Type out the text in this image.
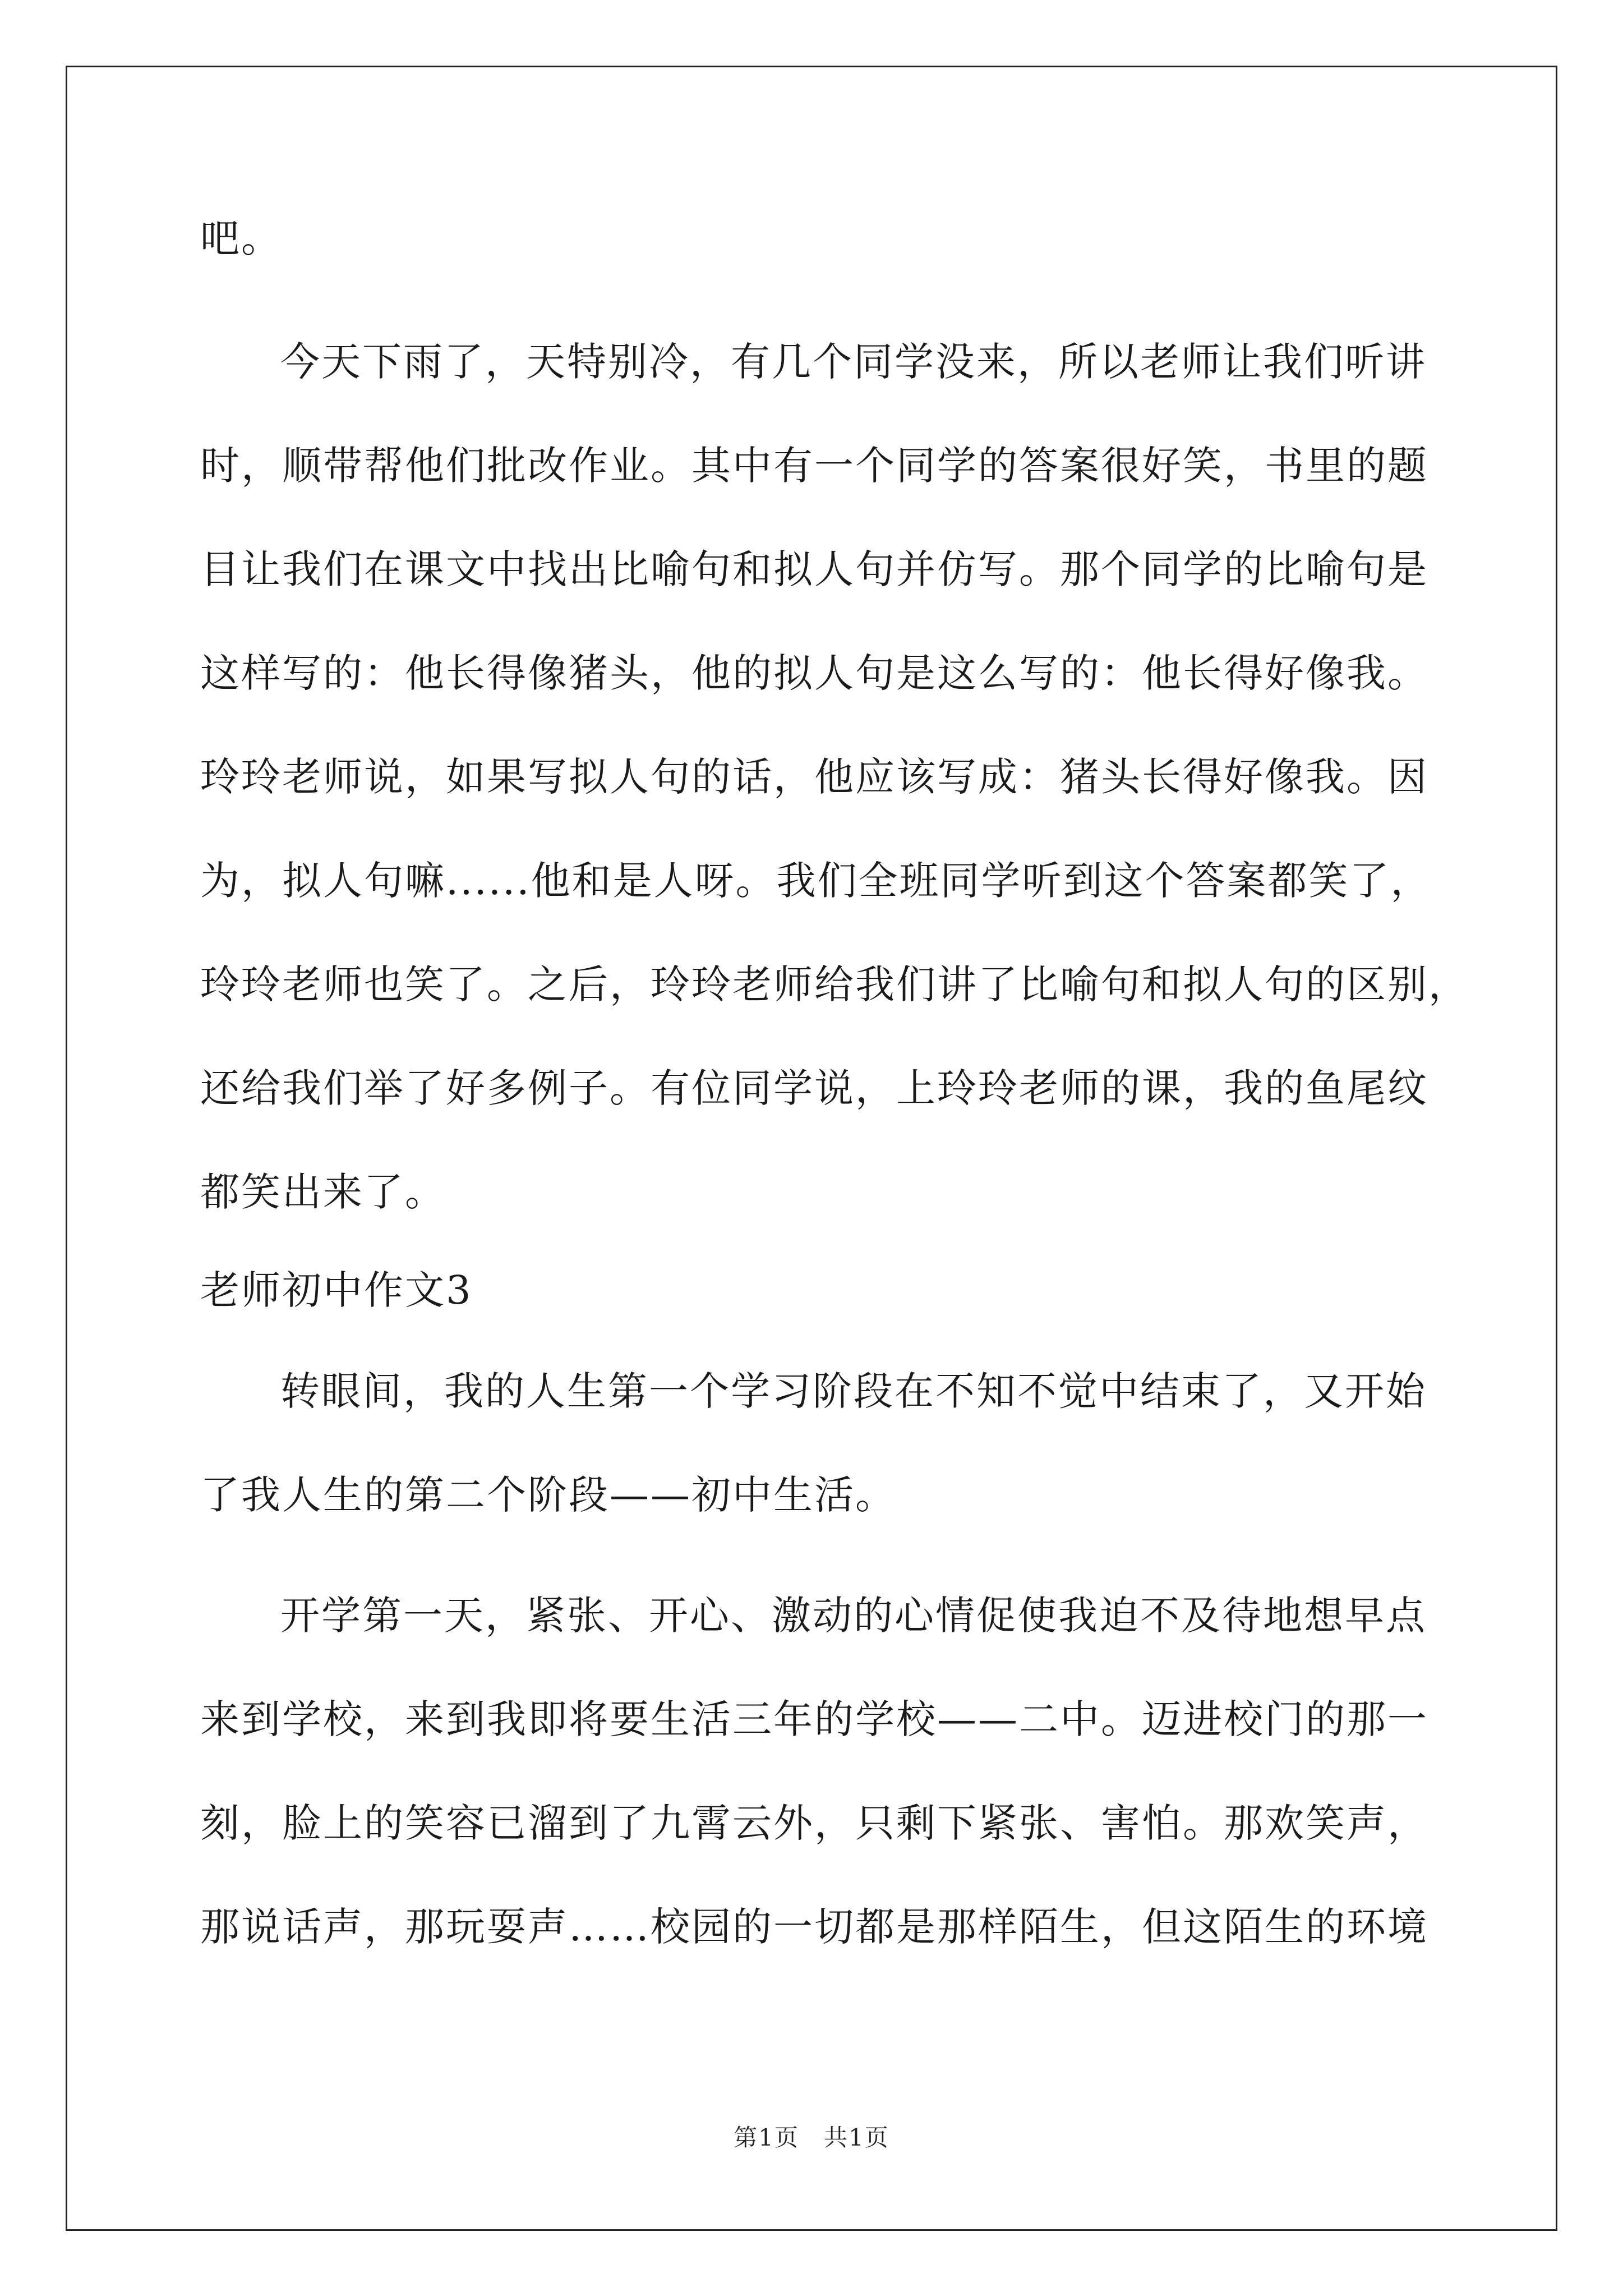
吧。
今天下雨了，天特别冷，有几个同学没来，所以老师让我们听讲
时，顺带帮他们批改作业。其中有一个同学的答案很好笑，书里的题
目让我们在课文中找出比喻句和拟人句并仿写。那个同学的比喻句是
这样写的：他长得像猪头，他的拟人句是这么写的：他长得好像我。
玲玲老师说，如果写拟人句的话，他应该写成：猪头长得好像我。因
为，拟人句嘛......他和是人呀。我们全班同学听到这个答案都笑了，
玲玲老师也笑了。之后，玲玲老师给我们讲了比喻句和拟人句的区别，
还给我们举了好多例子。有位同学说，上玲玲老师的课，我的鱼尾纹
都笑出来了。
老师初中作文3
转眼间，我的人生第一个学习阶段在不知不觉中结束了，又开始
了我人生的第二个阶段——初中生活。
开学第一天，紧张、开心、激动的心情促使我迫不及待地想早点
来到学校，来到我即将要生活三年的学校——二中。迈进校门的那一
刻，脸上的笑容已溜到了九霄云外，只剩下紧张、害怕。那欢笑声，
那说话声，那玩耍声……校园的一切都是那样陌生，但这陌生的环境
第1页　共1页
